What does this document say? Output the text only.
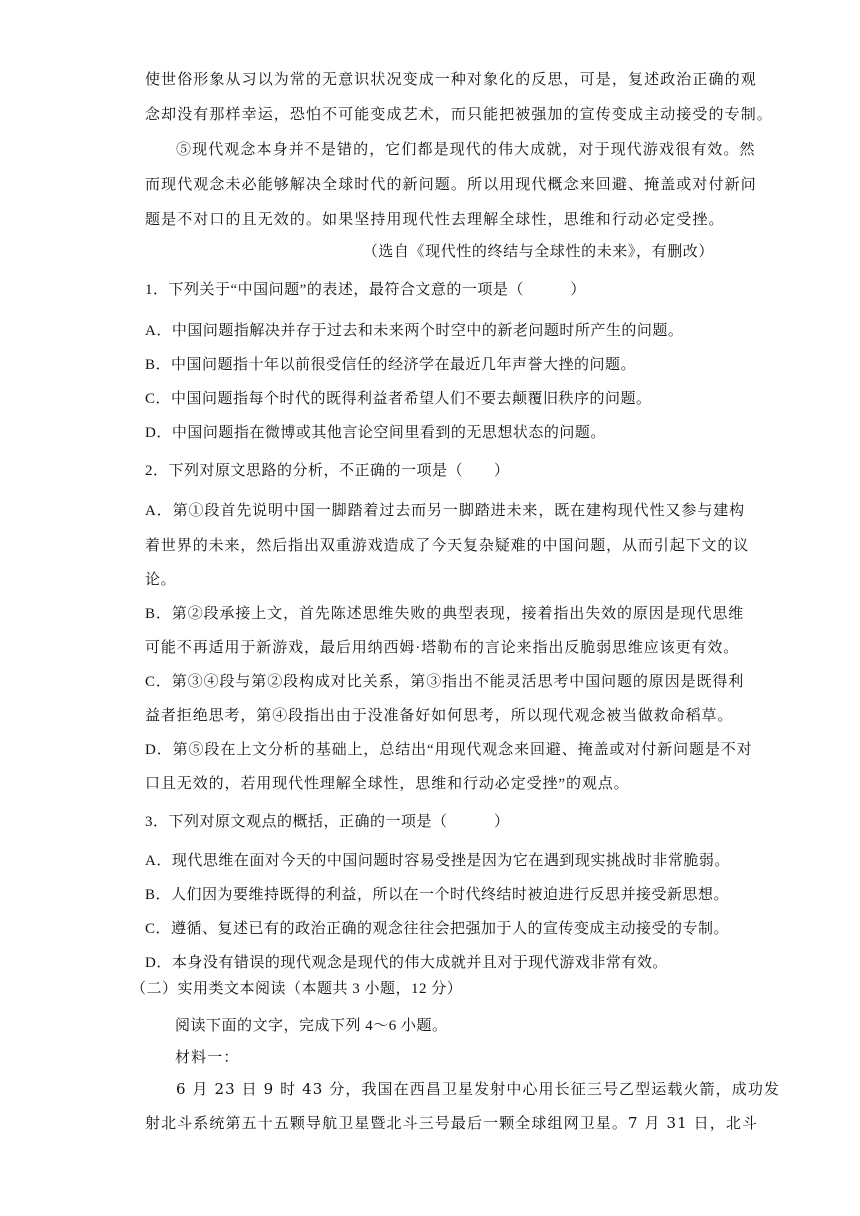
使世俗形象从习以为常的无意识状况变成一种对象化的反思，可是，复述政治正确的观
念却没有那样幸运，恐怕不可能变成艺术，而只能把被强加的宣传变成主动接受的专制。
⑤现代观念本身并不是错的，它们都是现代的伟大成就，对于现代游戏很有效。然
而现代观念未必能够解决全球时代的新问题。所以用现代概念来回避、掩盖或对付新问
题是不对口的且无效的。如果坚持用现代性去理解全球性，思维和行动必定受挫。
（选自《现代性的终结与全球性的未来》，有删改）
1．下列关于“中国问题”的表述，最符合文意的一项是（　　　）
A．中国问题指解决并存于过去和未来两个时空中的新老问题时所产生的问题。
B．中国问题指十年以前很受信任的经济学在最近几年声誉大挫的问题。
C．中国问题指每个时代的既得利益者希望人们不要去颠覆旧秩序的问题。
D．中国问题指在微博或其他言论空间里看到的无思想状态的问题。
2．下列对原文思路的分析，不正确的一项是（　　）
A．第①段首先说明中国一脚踏着过去而另一脚踏进未来，既在建构现代性又参与建构
着世界的未来，然后指出双重游戏造成了今天复杂疑难的中国问题，从而引起下文的议
论。
B．第②段承接上文，首先陈述思维失败的典型表现，接着指出失效的原因是现代思维
可能不再适用于新游戏，最后用纳西姆·塔勒布的言论来指出反脆弱思维应该更有效。
C．第③④段与第②段构成对比关系，第③指出不能灵活思考中国问题的原因是既得利
益者拒绝思考，第④段指出由于没准备好如何思考，所以现代观念被当做救命稻草。
D．第⑤段在上文分析的基础上，总结出“用现代观念来回避、掩盖或对付新问题是不对
口且无效的，若用现代性理解全球性，思维和行动必定受挫”的观点。
3．下列对原文观点的概括，正确的一项是（　　　）
A．现代思维在面对今天的中国问题时容易受挫是因为它在遇到现实挑战时非常脆弱。
B．人们因为要维持既得的利益，所以在一个时代终结时被迫进行反思并接受新思想。
C．遵循、复述已有的政治正确的观念往往会把强加于人的宣传变成主动接受的专制。
D．本身没有错误的现代观念是现代的伟大成就并且对于现代游戏非常有效。
（二）实用类文本阅读（本题共 3 小题，12 分）
阅读下面的文字，完成下列 4～6 小题。
材料一：
6 月 23 日 9 时 43 分，我国在西昌卫星发射中心用长征三号乙型运载火箭，成功发
射北斗系统第五十五颗导航卫星暨北斗三号最后一颗全球组网卫星。7 月 31 日，北斗
